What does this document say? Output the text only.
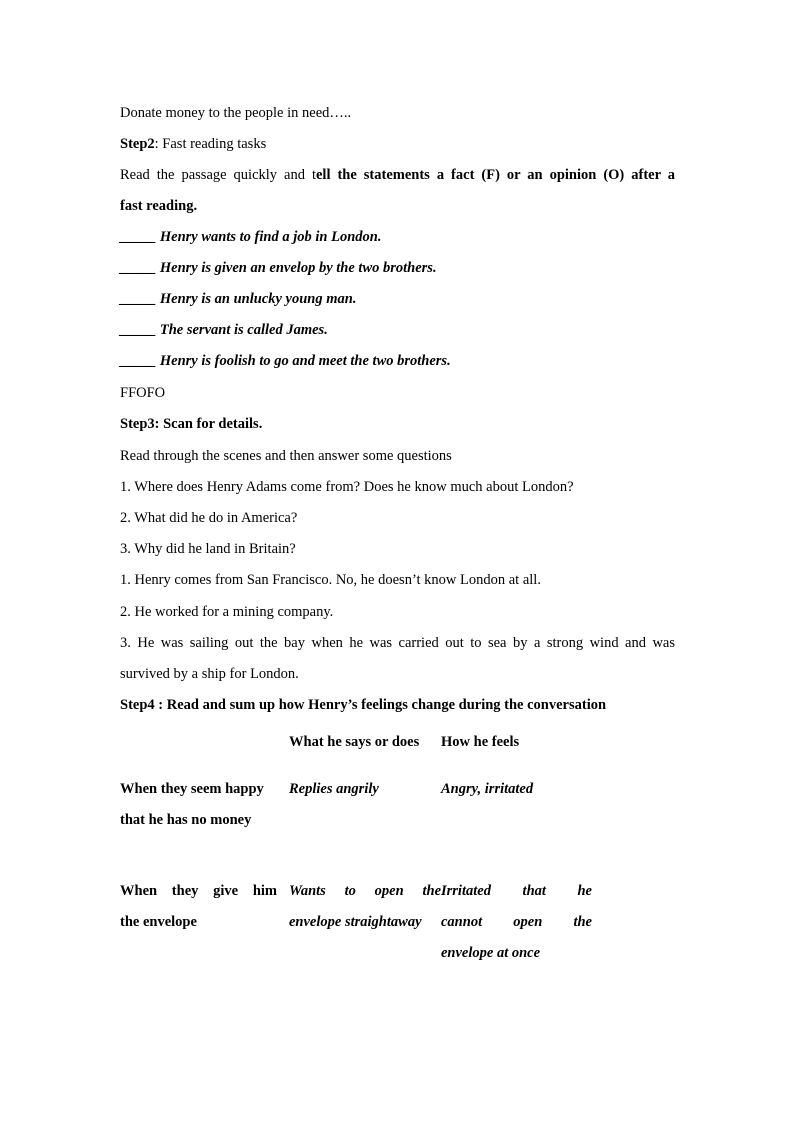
Donate money to the people in need…..
Step2: Fast reading tasks
Read the passage quickly and tell the statements a fact (F) or an opinion (O) after a
fast reading.
_____ Henry wants to find a job in London.
_____ Henry is given an envelop by the two brothers.
_____ Henry is an unlucky young man.
_____ The servant is called James.
_____ Henry is foolish to go and meet the two brothers.
FFOFO
Step3: Scan for details.
Read through the scenes and then answer some questions
1. Where does Henry Adams come from? Does he know much about London?
2. What did he do in America?
3. Why did he land in Britain?
1. Henry comes from San Francisco. No, he doesn’t know London at all.
2. He worked for a mining company.
3. He was sailing out the bay when he was carried out to sea by a strong wind and was
survived by a ship for London.
Step4 : Read and sum up how Henry’s feelings change during the conversation
What he says or does How he feels
When they seem happy
that he has no money
Replies angrily	Angry, irritated
When they give him
the envelope
Wants to open the
envelope straightaway
Irritated that he
cannot open the
envelope at once
